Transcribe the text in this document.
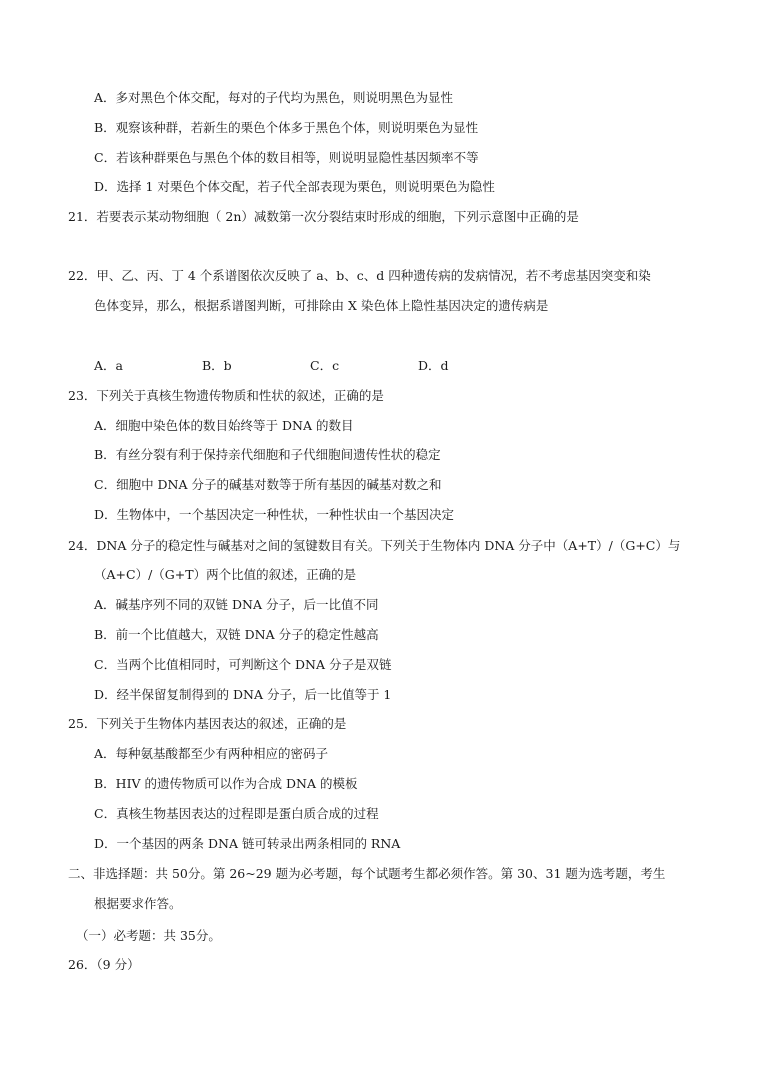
A．多对黑色个体交配，每对的子代均为黑色，则说明黑色为显性
B．观察该种群，若新生的栗色个体多于黑色个体，则说明栗色为显性
C．若该种群栗色与黑色个体的数目相等，则说明显隐性基因频率不等
D．选择 1 对栗色个体交配，若子代全部表现为栗色，则说明栗色为隐性
21．若要表示某动物细胞（ 2n）减数第一次分裂结束时形成的细胞，下列示意图中正确的是
22．甲、乙、丙、丁 4 个系谱图依次反映了 a、b、c、d 四种遗传病的发病情况，若不考虑基因突变和染
色体变异，那么，根据系谱图判断，可排除由 X 染色体上隐性基因决定的遗传病是
A．a	B．b	C．c	D．d
23．下列关于真核生物遗传物质和性状的叙述，正确的是
A．细胞中染色体的数目始终等于 DNA 的数目
B．有丝分裂有利于保持亲代细胞和子代细胞间遗传性状的稳定
C．细胞中 DNA 分子的碱基对数等于所有基因的碱基对数之和
D．生物体中，一个基因决定一种性状，一种性状由一个基因决定
24．DNA 分子的稳定性与碱基对之间的氢键数目有关。下列关于生物体内 DNA 分子中（A+T）/（G+C）与
（A+C）/（G+T）两个比值的叙述，正确的是
A．碱基序列不同的双链 DNA 分子，后一比值不同
B．前一个比值越大，双链 DNA 分子的稳定性越高
C．当两个比值相同时，可判断这个 DNA 分子是双链
D．经半保留复制得到的 DNA 分子，后一比值等于 1
25．下列关于生物体内基因表达的叙述，正确的是
A．每种氨基酸都至少有两种相应的密码子
B．HIV 的遗传物质可以作为合成 DNA 的模板
C．真核生物基因表达的过程即是蛋白质合成的过程
D．一个基因的两条 DNA 链可转录出两条相同的 RNA
二、非选择题：共 50分。第 26~29 题为必考题，每个试题考生都必须作答。第 30、31 题为选考题，考生
根据要求作答。
（一）必考题：共 35分。
26．（9 分）
